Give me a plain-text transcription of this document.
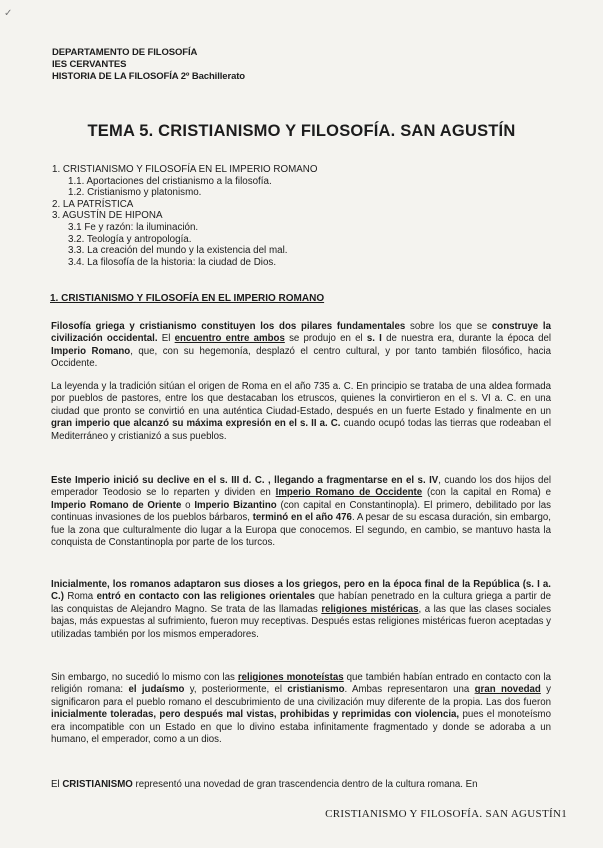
✓
DEPARTAMENTO DE FILOSOFÍA
IES CERVANTES
HISTORIA DE LA FILOSOFÍA 2º Bachillerato
TEMA 5. CRISTIANISMO Y FILOSOFÍA. SAN AGUSTÍN
1. CRISTIANISMO Y FILOSOFÍA EN EL IMPERIO ROMANO
1.1. Aportaciones del cristianismo a la filosofía.
1.2. Cristianismo y platonismo.
2. LA PATRÍSTICA
3. AGUSTÍN DE HIPONA
3.1 Fe y razón: la iluminación.
3.2. Teología y antropología.
3.3. La creación del mundo y la existencia del mal.
3.4. La filosofía de la historia: la ciudad de Dios.
1. CRISTIANISMO Y FILOSOFÍA EN EL IMPERIO ROMANO
Filosofía griega y cristianismo constituyen los dos pilares fundamentales sobre los que se construye la civilización occidental. El encuentro entre ambos se produjo en el s. I de nuestra era, durante la época del Imperio Romano, que, con su hegemonía, desplazó el centro cultural, y por tanto también filosófico, hacia Occidente.
La leyenda y la tradición sitúan el origen de Roma en el año 735 a. C. En principio se trataba de una aldea formada por pueblos de pastores, entre los que destacaban los etruscos, quienes la convirtieron en el s. VI a. C. en una ciudad que pronto se convirtió en una auténtica Ciudad-Estado, después en un fuerte Estado y finalmente en un gran imperio que alcanzó su máxima expresión en el s. II a. C. cuando ocupó todas las tierras que rodeaban el Mediterráneo y cristianizó a sus pueblos.
Este Imperio inició su declive en el s. III d. C. , llegando a fragmentarse en el s. IV, cuando los dos hijos del emperador Teodosio se lo reparten y dividen en Imperio Romano de Occidente (con la capital en Roma) e Imperio Romano de Oriente o Imperio Bizantino (con capital en Constantinopla). El primero, debilitado por las continuas invasiones de los pueblos bárbaros, terminó en el año 476. A pesar de su escasa duración, sin embargo, fue la zona que culturalmente dio lugar a la Europa que conocemos. El segundo, en cambio, se mantuvo hasta la conquista de Constantinopla por parte de los turcos.
Inicialmente, los romanos adaptaron sus dioses a los griegos, pero en la época final de la República (s. I a. C.) Roma entró en contacto con las religiones orientales que habían penetrado en la cultura griega a partir de las conquistas de Alejandro Magno. Se trata de las llamadas religiones mistéricas, a las que las clases sociales bajas, más expuestas al sufrimiento, fueron muy receptivas. Después estas religiones mistéricas fueron aceptadas y utilizadas también por los mismos emperadores.
Sin embargo, no sucedió lo mismo con las religiones monoteístas que también habían entrado en contacto con la religión romana: el judaísmo y, posteriormente, el cristianismo. Ambas representaron una gran novedad y significaron para el pueblo romano el descubrimiento de una civilización muy diferente de la propia. Las dos fueron inicialmente toleradas, pero después mal vistas, prohibidas y reprimidas con violencia, pues el monoteísmo era incompatible con un Estado en que lo divino estaba infinitamente fragmentado y donde se adoraba a un humano, el emperador, como a un dios.
El CRISTIANISMO representó una novedad de gran trascendencia dentro de la cultura romana. En
CRISTIANISMO Y FILOSOFÍA. SAN AGUSTÍN1
